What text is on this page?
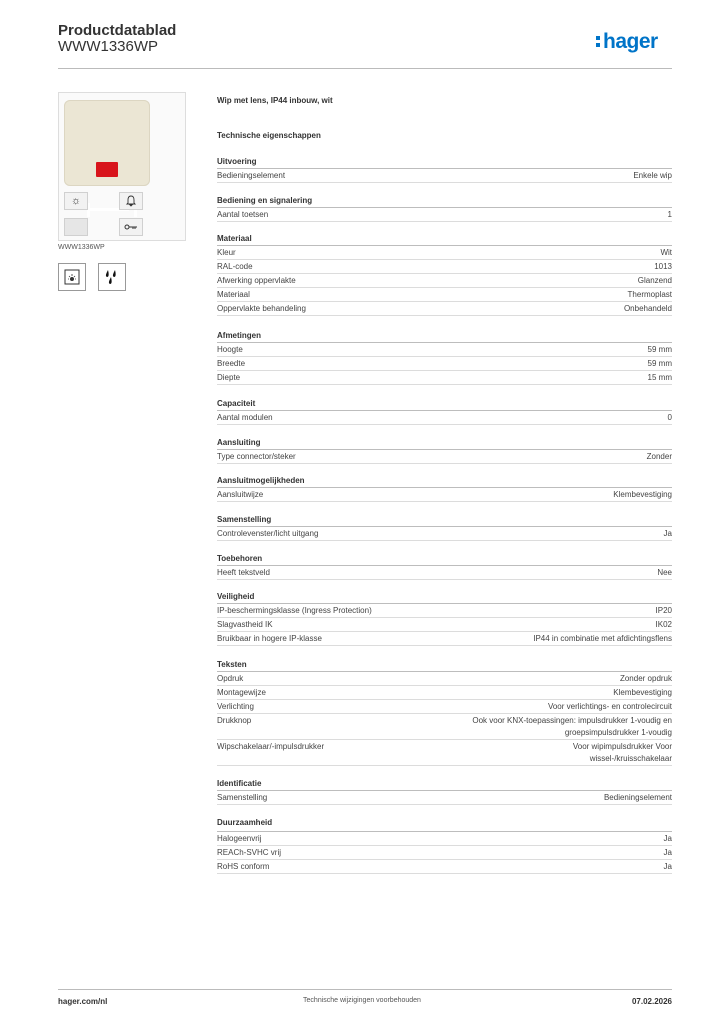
Productdatablad
WWW1336WP	hager
☼
WWW1336WP
Wip met lens, IP44 inbouw, wit
Technische eigenschappen
Uitvoering
Bedieningselement	Enkele wip
Bediening en signalering
Aantal toetsen	1
Materiaal
Kleur	Wit
RAL-code	1013
Afwerking oppervlakte	Glanzend
Materiaal	Thermoplast
Oppervlakte behandeling	Onbehandeld
Afmetingen
Hoogte	59 mm
Breedte	59 mm
Diepte	15 mm
Capaciteit
Aantal modulen	0
Aansluiting
Type connector/steker	Zonder
Aansluitmogelijkheden
Aansluitwijze	Klembevestiging
Samenstelling
Controlevenster/licht uitgang	Ja
Toebehoren
Heeft tekstveld	Nee
Veiligheid
IP-beschermingsklasse (Ingress Protection)	IP20
Slagvastheid IK	IK02
Bruikbaar in hogere IP-klasse	IP44 in combinatie met afdichtingsflens
Teksten
Opdruk	Zonder opdruk
Montagewijze	Klembevestiging
Verlichting	Voor verlichtings- en controlecircuit
Drukknop	Ook voor KNX-toepassingen: impulsdrukker 1-voudig en groepsimpulsdrukker 1-voudig
Wipschakelaar/-impulsdrukker	Voor wipimpulsdrukker Voor wissel-/kruisschakelaar
Identificatie
Samenstelling	Bedieningselement
Duurzaamheid
Halogeenvrij	Ja
REACh-SVHC vrij	Ja
RoHS conform	Ja
hager.com/nl	Technische wijzigingen voorbehouden	07.02.2026
